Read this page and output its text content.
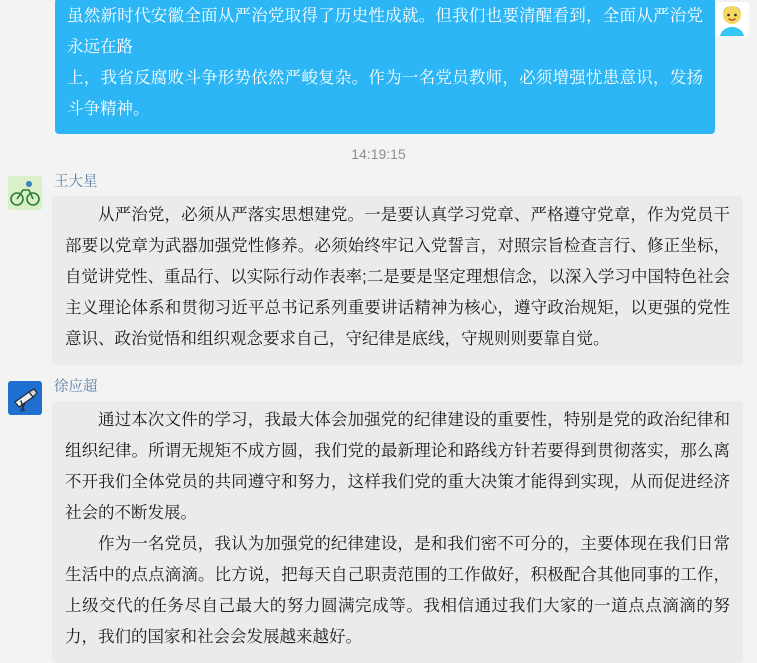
虽然新时代安徽全面从严治党取得了历史性成就。但我们也要清醒看到，全面从严治党永远在路

上，我省反腐败斗争形势依然严峻复杂。作为一名党员教师，必须增强忧患意识，发扬斗争精神。

14:19:15
王大星

从严治党，必须从严落实思想建党。一是要认真学习党章、严格遵守党章，作为党员干部要以党章为武器加强党性修养。必须始终牢记入党誓言，对照宗旨检查言行、修正坐标，自觉讲党性、重品行、以实际行动作表率;二是要是坚定理想信念，以深入学习中国特色社会主义理论体系和贯彻习近平总书记系列重要讲话精神为核心，遵守政治规矩，以更强的党性意识、政治觉悟和组织观念要求自己，守纪律是底线，守规则则要靠自觉。

徐应超

通过本次文件的学习，我最大体会加强党的纪律建设的重要性，特别是党的政治纪律和组织纪律。所谓无规矩不成方圆，我们党的最新理论和路线方针若要得到贯彻落实，那么离不开我们全体党员的共同遵守和努力，这样我们党的重大决策才能得到实现，从而促进经济社会的不断发展。

作为一名党员，我认为加强党的纪律建设，是和我们密不可分的，主要体现在我们日常生活中的点点滴滴。比方说，把每天自己职责范围的工作做好，积极配合其他同事的工作，上级交代的任务尽自己最大的努力圆满完成等。我相信通过我们大家的一道点点滴滴的努力，我们的国家和社会会发展越来越好。
